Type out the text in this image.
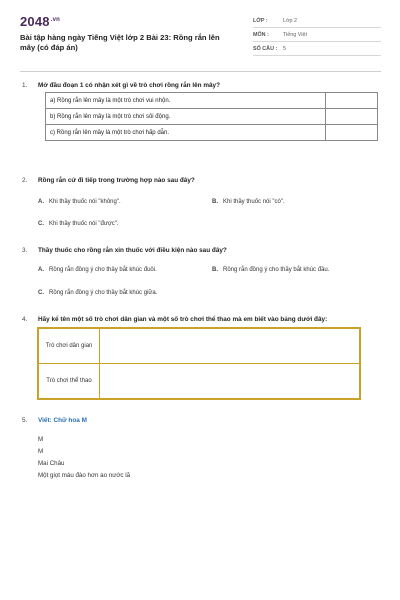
$2048^{.vn}$
Bài tập hàng ngày Tiếng Việt lớp 2 Bài 23: Rồng rắn lên mây (có đáp án)
LỚP :	Lớp 2
MÔN :	Tiếng Việt
SỐ CÂU :	5
1. Mở đầu đoạn 1 có nhận xét gì về trò chơi rồng rắn lên mây?
a) Rồng rắn lên mây là một trò chơi vui nhộn.	
b) Rồng rắn lên mây là một trò chơi sôi động.	
c) Rồng rắn lên mây là một trò chơi hấp dẫn.	
2. Rồng rắn cứ đi tiếp trong trường hợp nào sau đây?
A. Khi thầy thuốc nói "không".	B. Khi thầy thuốc nói "có".
C. Khi thầy thuốc nói "được".
3. Thầy thuốc cho rồng rắn xin thuốc với điều kiện nào sau đây?
A. Rồng rắn đồng ý cho thầy bắt khúc đuôi.	B. Rồng rắn đồng ý cho thầy bắt khúc đầu.
C. Rồng rắn đồng ý cho thầy bắt khúc giữa.
4. Hãy kể tên một số trò chơi dân gian và một số trò chơi thể thao mà em biết vào bảng dưới đây:
Trò chơi dân gian	
Trò chơi thể thao	
5. Viết: Chữ hoa M
M
M
Mai Châu
Một giọt máu đào hơn ao nước lã
